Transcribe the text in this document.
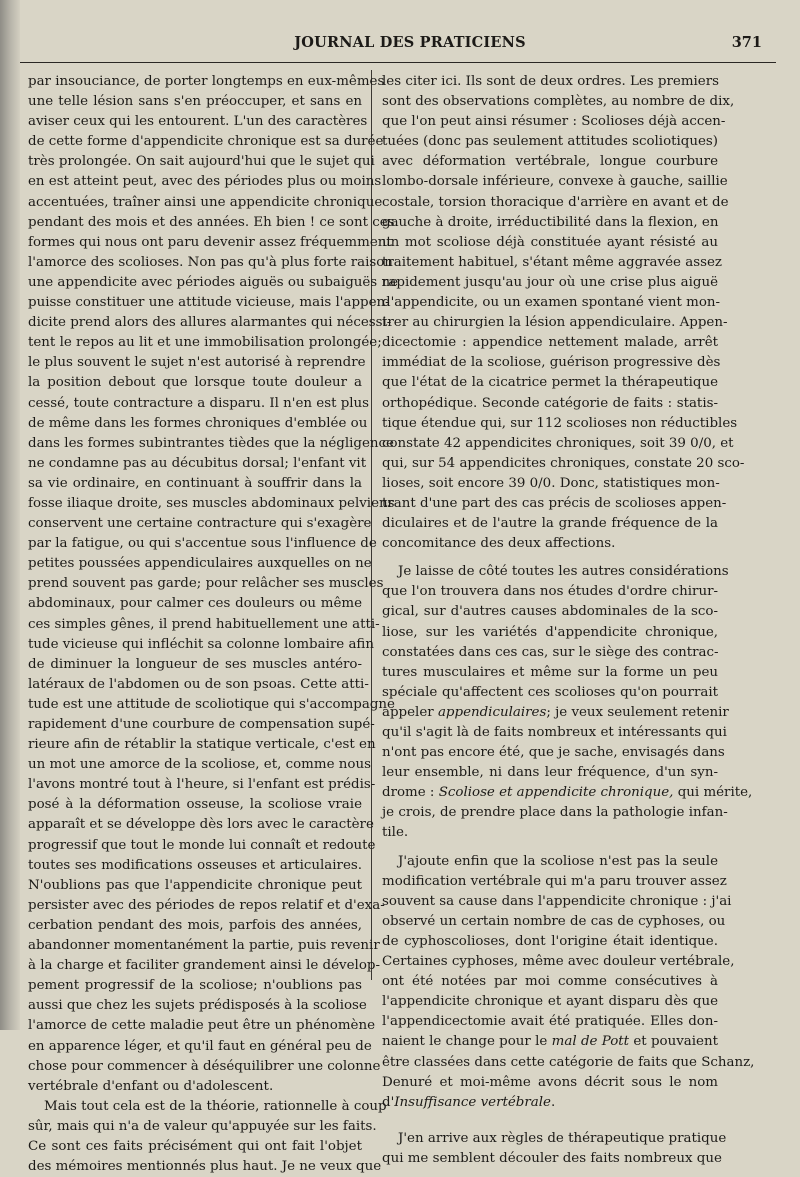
JOURNAL DES PRATICIENS	371
par insouciance, de porter longtemps en eux-mêmes
une telle lésion sans s'en préoccuper, et sans en
aviser ceux qui les entourent. L'un des caractères
de cette forme d'appendicite chronique est sa durée
très prolongée. On sait aujourd'hui que le sujet qui
en est atteint peut, avec des périodes plus ou moins
accentuées, traîner ainsi une appendicite chronique
pendant des mois et des années. Eh bien ! ce sont ces
formes qui nous ont paru devenir assez fréquemment
l'amorce des scolioses. Non pas qu'à plus forte raison
une appendicite avec périodes aiguës ou subaiguës ne
puisse constituer une attitude vicieuse, mais l'appen-
dicite prend alors des allures alarmantes qui nécessi-
tent le repos au lit et une immobilisation prolongée;
le plus souvent le sujet n'est autorisé à reprendre
la position debout que lorsque toute douleur a
cessé, toute contracture a disparu. Il n'en est plus
de même dans les formes chroniques d'emblée ou
dans les formes subintrantes tièdes que la négligence
ne condamne pas au décubitus dorsal; l'enfant vit
sa vie ordinaire, en continuant à souffrir dans la
fosse iliaque droite, ses muscles abdominaux pelviens
conservent une certaine contracture qui s'exagère
par la fatigue, ou qui s'accentue sous l'influence de
petites poussées appendiculaires auxquelles on ne
prend souvent pas garde; pour relâcher ses muscles
abdominaux, pour calmer ces douleurs ou même
ces simples gênes, il prend habituellement une atti-
tude vicieuse qui infléchit sa colonne lombaire afin
de diminuer la longueur de ses muscles antéro-
latéraux de l'abdomen ou de son psoas. Cette atti-
tude est une attitude de scoliotique qui s'accompagne
rapidement d'une courbure de compensation supé-
rieure afin de rétablir la statique verticale, c'est en
un mot une amorce de la scoliose, et, comme nous
l'avons montré tout à l'heure, si l'enfant est prédis-
posé à la déformation osseuse, la scoliose vraie
apparaît et se développe dès lors avec le caractère
progressif que tout le monde lui connaît et redoute
toutes ses modifications osseuses et articulaires.
N'oublions pas que l'appendicite chronique peut
persister avec des périodes de repos relatif et d'exa-
cerbation pendant des mois, parfois des années,
abandonner momentanément la partie, puis revenir
à la charge et faciliter grandement ainsi le dévelop-
pement progressif de la scoliose; n'oublions pas
aussi que chez les sujets prédisposés à la scoliose
l'amorce de cette maladie peut être un phénomène
en apparence léger, et qu'il faut en général peu de
chose pour commencer à déséquilibrer une colonne
vertébrale d'enfant ou d'adolescent.
Mais tout cela est de la théorie, rationnelle à coup
sûr, mais qui n'a de valeur qu'appuyée sur les faits.
Ce sont ces faits précisément qui ont fait l'objet
des mémoires mentionnés plus haut. Je ne veux que
les citer ici. Ils sont de deux ordres. Les premiers
sont des observations complètes, au nombre de dix,
que l'on peut ainsi résumer : Scolioses déjà accen-
tuées (donc pas seulement attitudes scoliotiques)
avec déformation vertébrale, longue courbure
lombo-dorsale inférieure, convexe à gauche, saillie
costale, torsion thoracique d'arrière en avant et de
gauche à droite, irréductibilité dans la flexion, en
un mot scoliose déjà constituée ayant résisté au
traitement habituel, s'étant même aggravée assez
rapidement jusqu'au jour où une crise plus aiguë
d'appendicite, ou un examen spontané vient mon-
trer au chirurgien la lésion appendiculaire. Appen-
dicectomie : appendice nettement malade, arrêt
immédiat de la scoliose, guérison progressive dès
que l'état de la cicatrice permet la thérapeutique
orthopédique. Seconde catégorie de faits : statis-
tique étendue qui, sur 112 scolioses non réductibles
constate 42 appendicites chroniques, soit 39 0/0, et
qui, sur 54 appendicites chroniques, constate 20 sco-
lioses, soit encore 39 0/0. Donc, statistiques mon-
trant d'une part des cas précis de scolioses appen-
diculaires et de l'autre la grande fréquence de la
concomitance des deux affections.
Je laisse de côté toutes les autres considérations
que l'on trouvera dans nos études d'ordre chirur-
gical, sur d'autres causes abdominales de la sco-
liose, sur les variétés d'appendicite chronique,
constatées dans ces cas, sur le siège des contrac-
tures musculaires et même sur la forme un peu
spéciale qu'affectent ces scolioses qu'on pourrait
appeler appendiculaires; je veux seulement retenir
qu'il s'agit là de faits nombreux et intéressants qui
n'ont pas encore été, que je sache, envisagés dans
leur ensemble, ni dans leur fréquence, d'un syn-
drome : Scoliose et appendicite chronique, qui mérite,
je crois, de prendre place dans la pathologie infan-
tile.
J'ajoute enfin que la scoliose n'est pas la seule
modification vertébrale qui m'a paru trouver assez
souvent sa cause dans l'appendicite chronique : j'ai
observé un certain nombre de cas de cyphoses, ou
de cyphoscolioses, dont l'origine était identique.
Certaines cyphoses, même avec douleur vertébrale,
ont été notées par moi comme consécutives à
l'appendicite chronique et ayant disparu dès que
l'appendicectomie avait été pratiquée. Elles don-
naient le change pour le mal de Pott et pouvaient
être classées dans cette catégorie de faits que Schanz,
Denuré et moi-même avons décrit sous le nom
d'Insuffisance vertébrale.
J'en arrive aux règles de thérapeutique pratique
qui me semblent découler des faits nombreux que
